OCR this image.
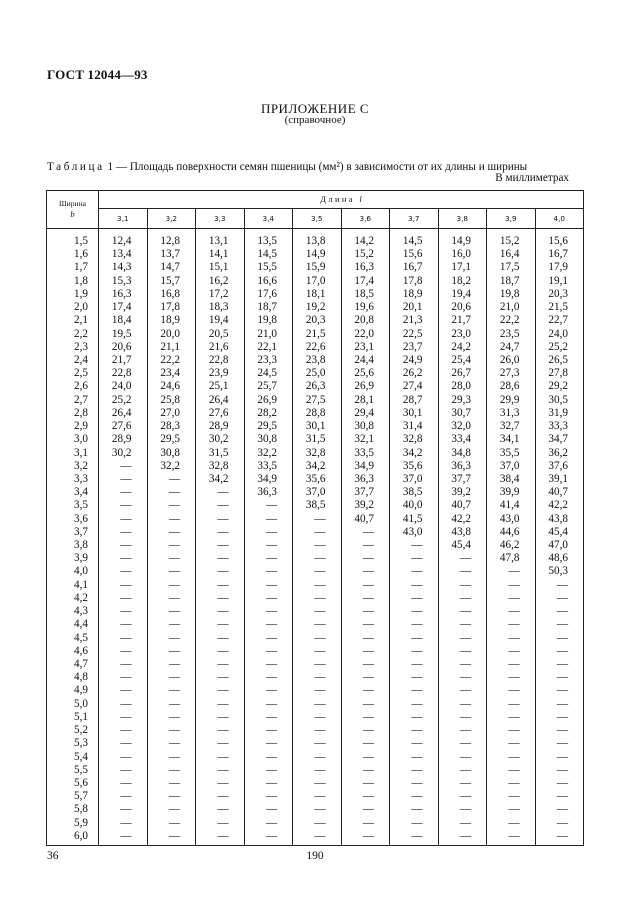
ГОСТ 12044—93
ПРИЛОЖЕНИЕ С
(справочное)
Таблица 1 — Площадь поверхности семян пшеницы (мм²) в зависимости от их длины и ширины
В миллиметрах
Ширина
b	Длина l									
	3,1	3,2	3,3	3,4	3,5	3,6	3,7	3,8	3,9	4,0

1,5	12,4	12,8	13,1	13,5	13,8	14,2	14,5	14,9	15,2	15,6
1,6	13,4	13,7	14,1	14,5	14,9	15,2	15,6	16,0	16,4	16,7
1,7	14,3	14,7	15,1	15,5	15,9	16,3	16,7	17,1	17,5	17,9
1,8	15,3	15,7	16,2	16,6	17,0	17,4	17,8	18,2	18,7	19,1
1,9	16,3	16,8	17,2	17,6	18,1	18,5	18,9	19,4	19,8	20,3
2,0	17,4	17,8	18,3	18,7	19,2	19,6	20,1	20,6	21,0	21,5
2,1	18,4	18,9	19,4	19,8	20,3	20,8	21,3	21,7	22,2	22,7
2,2	19,5	20,0	20,5	21,0	21,5	22,0	22,5	23,0	23,5	24,0
2,3	20,6	21,1	21,6	22,1	22,6	23,1	23,7	24,2	24,7	25,2
2,4	21,7	22,2	22,8	23,3	23,8	24,4	24,9	25,4	26,0	26,5
2,5	22,8	23,4	23,9	24,5	25,0	25,6	26,2	26,7	27,3	27,8
2,6	24,0	24,6	25,1	25,7	26,3	26,9	27,4	28,0	28,6	29,2
2,7	25,2	25,8	26,4	26,9	27,5	28,1	28,7	29,3	29,9	30,5
2,8	26,4	27,0	27,6	28,2	28,8	29,4	30,1	30,7	31,3	31,9
2,9	27,6	28,3	28,9	29,5	30,1	30,8	31,4	32,0	32,7	33,3
3,0	28,9	29,5	30,2	30,8	31,5	32,1	32,8	33,4	34,1	34,7
3,1	30,2	30,8	31,5	32,2	32,8	33,5	34,2	34,8	35,5	36,2
3,2	—	32,2	32,8	33,5	34,2	34,9	35,6	36,3	37,0	37,6
3,3	—	—	34,2	34,9	35,6	36,3	37,0	37,7	38,4	39,1
3,4	—	—	—	36,3	37,0	37,7	38,5	39,2	39,9	40,7
3,5	—	—	—	—	38,5	39,2	40,0	40,7	41,4	42,2
3,6	—	—	—	—	—	40,7	41,5	42,2	43,0	43,8
3,7	—	—	—	—	—	—	43,0	43,8	44,6	45,4
3,8	—	—	—	—	—	—	—	45,4	46,2	47,0
3,9	—	—	—	—	—	—	—	—	47,8	48,6
4,0	—	—	—	—	—	—	—	—	—	50,3
4,1	—	—	—	—	—	—	—	—	—	—
4,2	—	—	—	—	—	—	—	—	—	—
4,3	—	—	—	—	—	—	—	—	—	—
4,4	—	—	—	—	—	—	—	—	—	—
4,5	—	—	—	—	—	—	—	—	—	—
4,6	—	—	—	—	—	—	—	—	—	—
4,7	—	—	—	—	—	—	—	—	—	—
4,8	—	—	—	—	—	—	—	—	—	—
4,9	—	—	—	—	—	—	—	—	—	—
5,0	—	—	—	—	—	—	—	—	—	—
5,1	—	—	—	—	—	—	—	—	—	—
5,2	—	—	—	—	—	—	—	—	—	—
5,3	—	—	—	—	—	—	—	—	—	—
5,4	—	—	—	—	—	—	—	—	—	—
5,5	—	—	—	—	—	—	—	—	—	—
5,6	—	—	—	—	—	—	—	—	—	—
5,7	—	—	—	—	—	—	—	—	—	—
5,8	—	—	—	—	—	—	—	—	—	—
5,9	—	—	—	—	—	—	—	—	—	—
6,0	—	—	—	—	—	—	—	—	—	—
36	190
